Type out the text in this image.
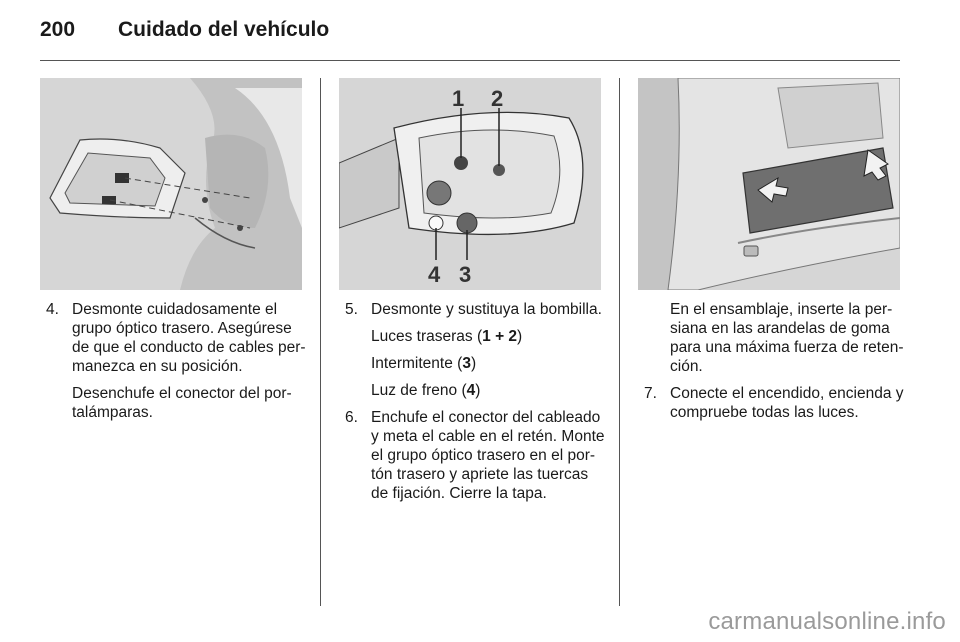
200 Cuidado del vehículo
1 2
3
4
4. Desmonte cuidadosamente el grupo óptico trasero. Asegúrese de que el conducto de cables per-manezca en su posición.
Desenchufe el conector del por-talámparas.
5. Desmonte y sustituya la bombilla.
Luces traseras (1 + 2)
Intermitente (3)
Luz de freno (4)
6. Enchufe el conector del cableado y meta el cable en el retén. Monte el grupo óptico trasero en el por-tón trasero y apriete las tuercas de fijación. Cierre la tapa.
En el ensamblaje, inserte la per-siana en las arandelas de goma para una máxima fuerza de reten-ción.
7. Conecte el encendido, encienda y compruebe todas las luces.
carmanualsonline.info
